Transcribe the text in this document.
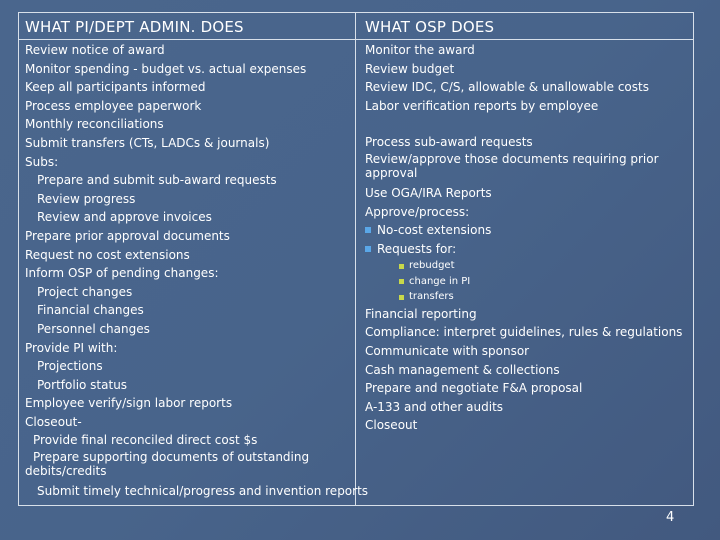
WHAT PI/DEPT ADMIN. DOES	WHAT OSP DOES
Review notice of award
Monitor spending - budget vs. actual expenses
Keep all participants informed
Process employee paperwork
Monthly reconciliations
Submit transfers (CTs, LADCs & journals)
Subs:
Prepare and submit sub-award requests
Review progress
Review and approve invoices
Prepare prior approval documents
Request no cost extensions
Inform OSP of pending changes:
Project changes
Financial changes
Personnel changes
Provide PI with:
Projections
Portfolio status
Employee verify/sign labor reports
Closeout-
Provide final reconciled direct cost $s
Prepare supporting documents of outstanding debits/credits
Submit timely technical/progress and invention reports
Monitor the award
Review budget
Review IDC, C/S, allowable & unallowable costs
Labor verification reports by employee
Process sub-award requests
Review/approve those documents requiring prior approval
Use OGA/IRA Reports
Approve/process:
No-cost extensions
Requests for:
rebudget
change in PI
transfers
Financial reporting
Compliance: interpret guidelines, rules & regulations
Communicate with sponsor
Cash management & collections
Prepare and negotiate F&A proposal
A-133 and other audits
Closeout
4
